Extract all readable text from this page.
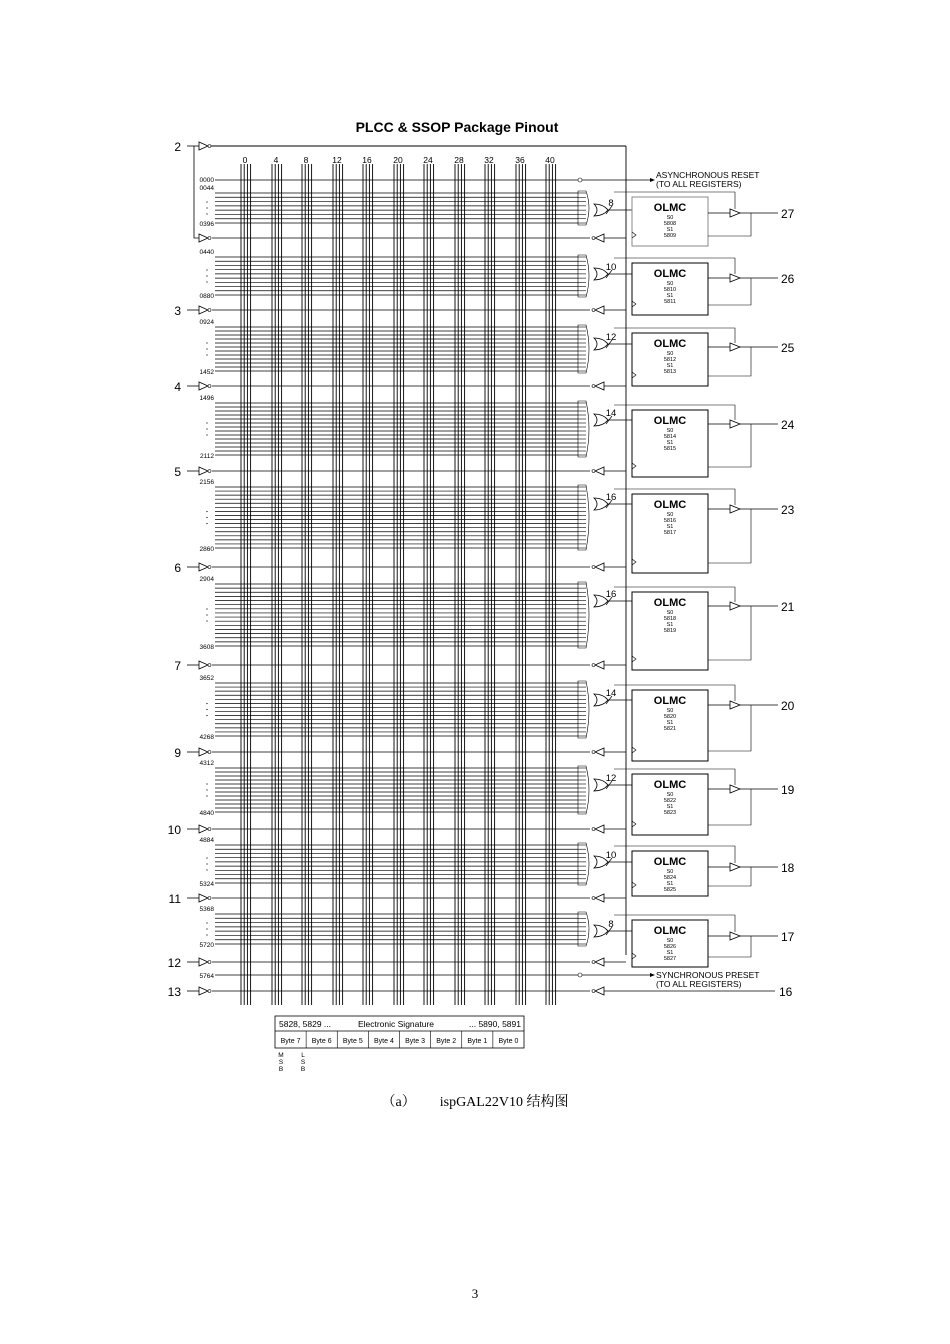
PLCC & SSOP Package Pinout
0	4	8	12 16	20 24	28 32	36 40
0044
0396
0440
0880
0924
1452
1496
2112
2156
2860
2904
3608
3652
4268
4312
4840
4884
5324
5368
5720
8	OLMC
S0
5808
S1
5809
27
10
OLMC
S0
5810
S1
5811
26
12
OLMC
S0
5812
S1
5813
25
14
OLMC
S0
5814
S1
5815
24
16
OLMC
S0
5816
S1
5817
23
16
OLMC
S0
5818
S1
5819
21
14
OLMC
S0
5820
S1
5821
20
12
OLMC
S0
5822
S1
5823
19
10
OLMC
S0
5824
S1
5825
18
8
OLMC
S0
5826
S1
5827
17
2
3
4
5
6
7
9
10
11
12
13	16
0000
ASYNCHRONOUS RESET
(TO ALL REGISTERS)
5764	SYNCHRONOUS PRESET
(TO ALL REGISTERS)
5828, 5829 ...	Electronic Signature	... 5890, 5891
Byte 7 Byte 6 Byte 5 Byte 4 Byte 3 Byte 2 Byte 1 Byte 0
M
S
B
L
S
B
（a） ispGAL22V10 结构图
3
